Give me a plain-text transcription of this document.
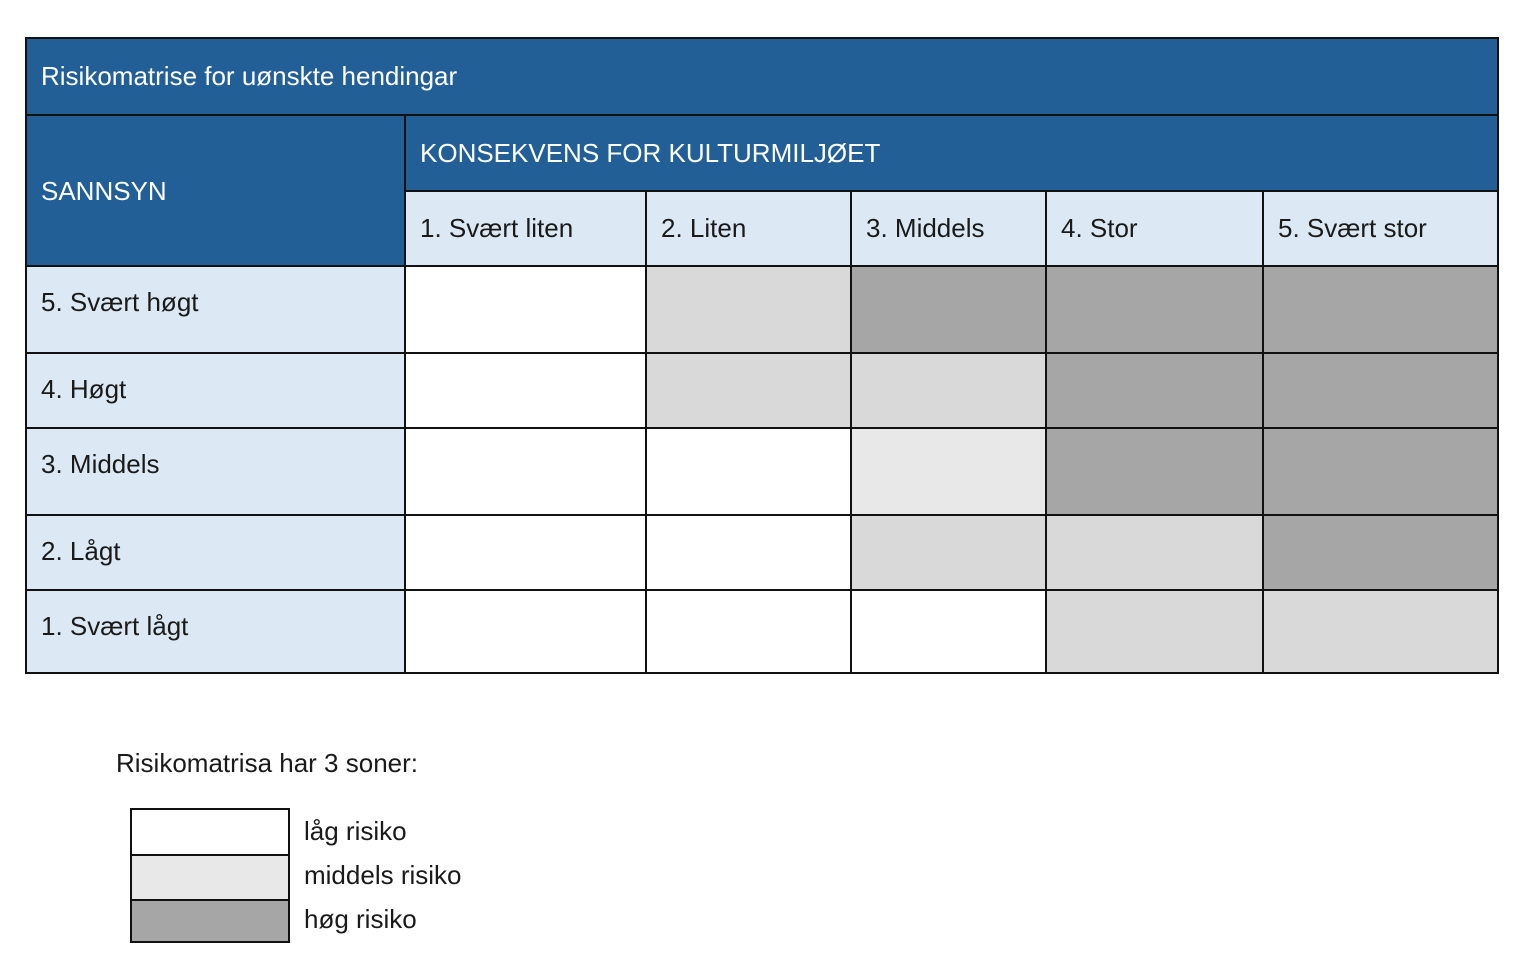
Risikomatrise for uønskte hendingar
SANNSYN
KONSEKVENS FOR KULTURMILJØET
1. Svært liten	2. Liten	3. Middels	4. Stor	5. Svært stor
5. Svært høgt
4. Høgt
3. Middels
2. Lågt
1. Svært lågt
Risikomatrisa har 3 soner:
låg risiko
middels risiko
høg risiko
